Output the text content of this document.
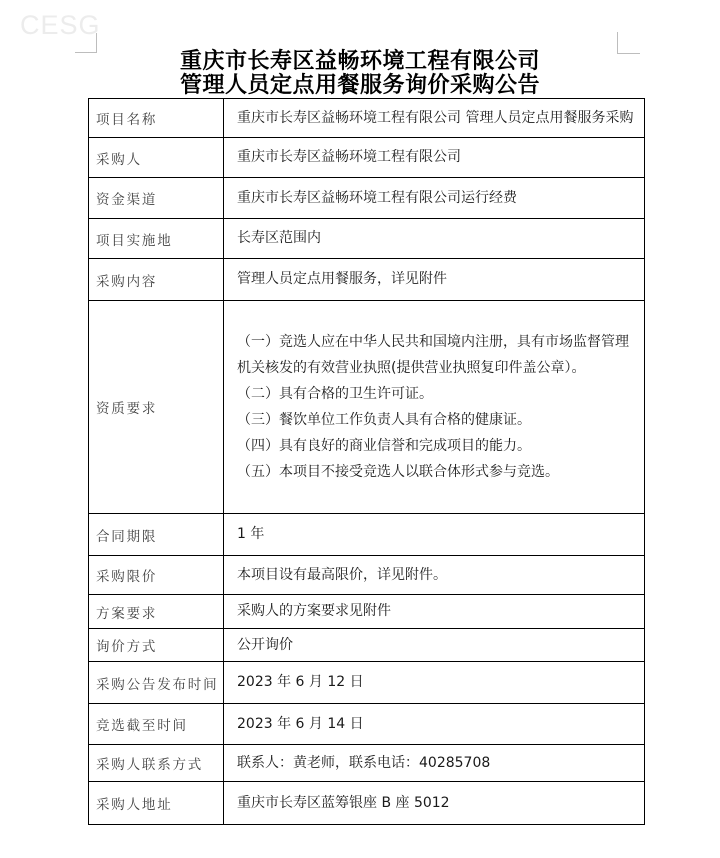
CESG
重庆市长寿区益畅环境工程有限公司
管理人员定点用餐服务询价采购公告
项目名称	重庆市长寿区益畅环境工程有限公司 管理人员定点用餐服务采购
采购人	重庆市长寿区益畅环境工程有限公司
资金渠道	重庆市长寿区益畅环境工程有限公司运行经费
项目实施地	长寿区范围内
采购内容	管理人员定点用餐服务，详见附件
资质要求	（一）竞选人应在中华人民共和国境内注册，具有市场监督管理机关核发的有效营业执照(提供营业执照复印件盖公章）。
（二）具有合格的卫生许可证。
（三）餐饮单位工作负责人具有合格的健康证。
（四）具有良好的商业信誉和完成项目的能力。
（五）本项目不接受竞选人以联合体形式参与竞选。

合同期限	1 年
采购限价	本项目设有最高限价，详见附件。
方案要求	采购人的方案要求见附件
询价方式	公开询价
采购公告发布时间	2023 年 6 月 12 日
竞选截至时间	2023 年 6 月 14 日
采购人联系方式	联系人：黄老师，联系电话：40285708
采购人地址	重庆市长寿区蓝筹银座 B 座 5012
